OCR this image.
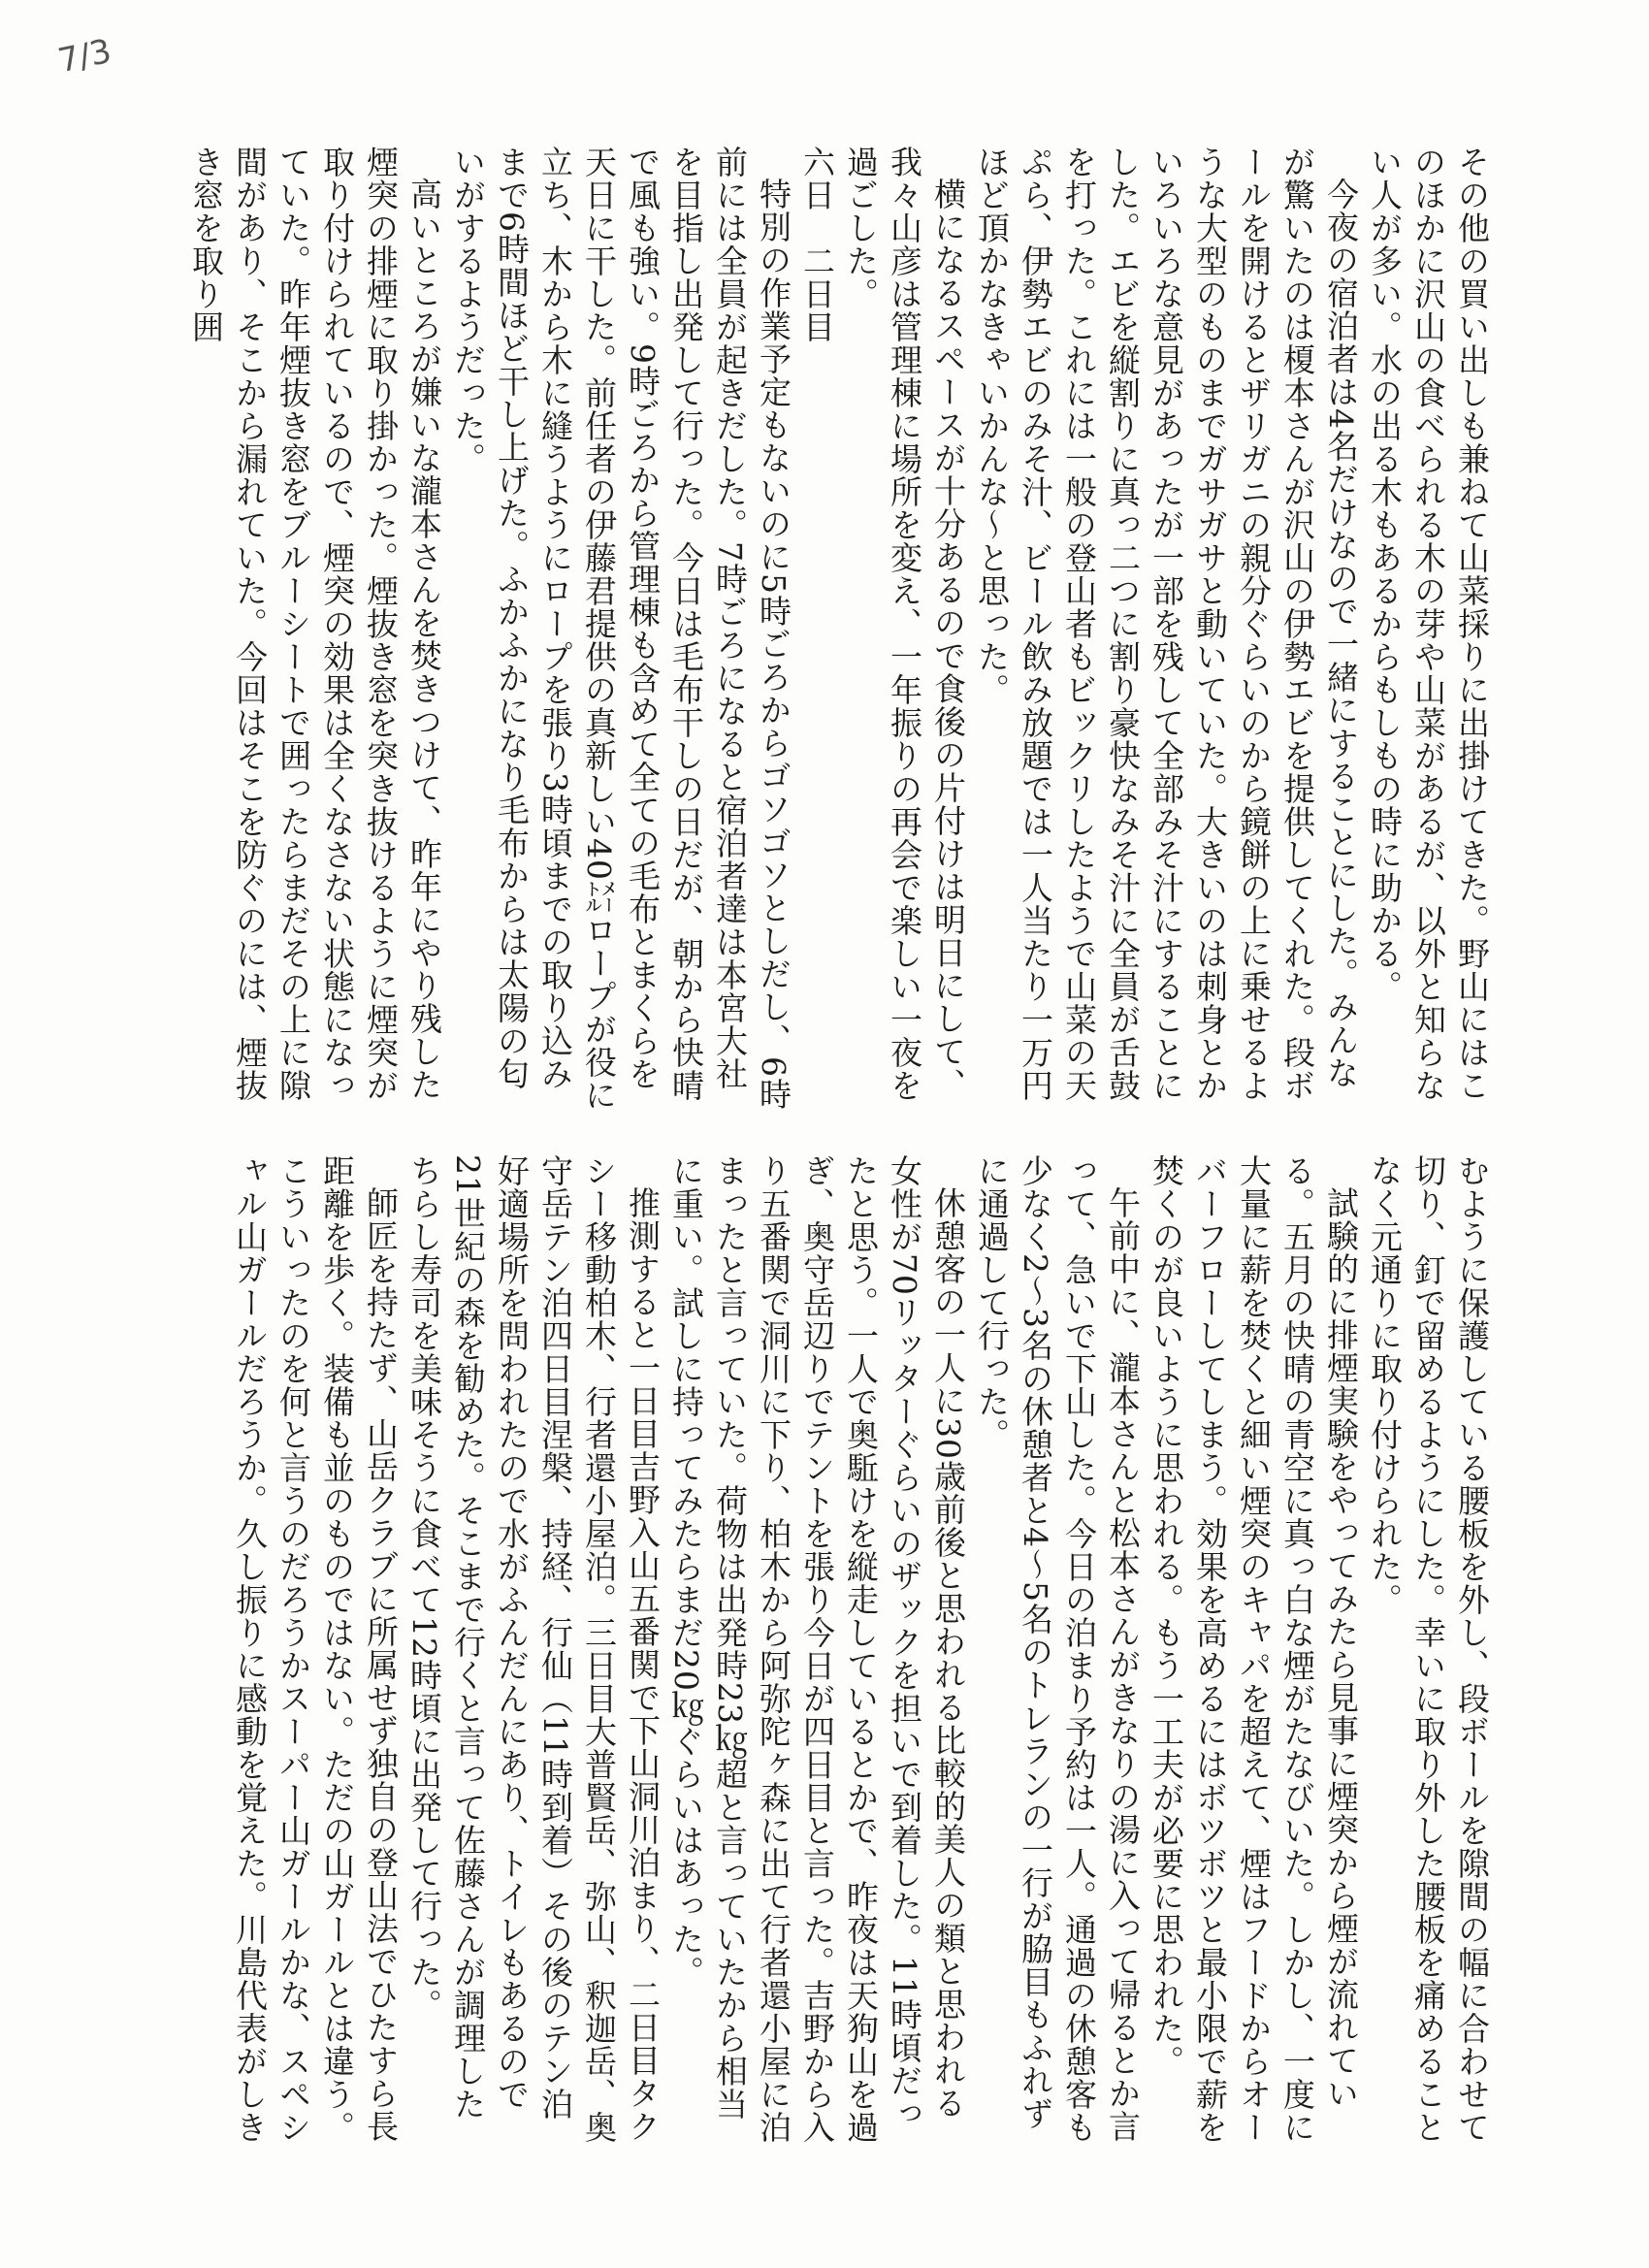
7/3

その他の買い出しも兼ねて山菜採りに出掛けてきた。野山にはこのほかに沢山の食べられる木の芽や山菜があるが、以外と知らない人が多い。水の出る木もあるからもしもの時に助かる。

今夜の宿泊者は4名だけなので一緒にすることにした。みんなが驚いたのは榎本さんが沢山の伊勢エビを提供してくれた。段ボールを開けるとザリガニの親分ぐらいのから鏡餅の上に乗せるような大型のものまでガサガサと動いていた。大きいのは刺身とかいろいろな意見があったが一部を残して全部みそ汁にすることにした。エビを縦割りに真っ二つに割り豪快なみそ汁に全員が舌鼓を打った。これには一般の登山者もビックリしたようで山菜の天ぷら、伊勢エビのみそ汁、ビール飲み放題では一人当たり一万円ほど頂かなきゃいかんな〜と思った。

横になるスペースが十分あるので食後の片付けは明日にして、我々山彦は管理棟に場所を変え、一年振りの再会で楽しい一夜を過ごした。

六日　二日目

特別の作業予定もないのに5時ごろからゴソゴソとしだし、6時前には全員が起きだした。7時ごろになると宿泊者達は本宮大社を目指し出発して行った。今日は毛布干しの日だが、朝から快晴で風も強い。9時ごろから管理棟も含めて全ての毛布とまくらを天日に干した。前任者の伊藤君提供の真新しい40㍍ロープが役に立ち、木から木に縫うようにロープを張り3時頃までの取り込みまで6時間ほど干し上げた。ふかふかになり毛布からは太陽の匂いがするようだった。

高いところが嫌いな瀧本さんを焚きつけて、昨年にやり残した煙突の排煙に取り掛かった。煙抜き窓を突き抜けるように煙突が取り付けられているので、煙突の効果は全くなさない状態になっていた。昨年煙抜き窓をブルーシートで囲ったらまだその上に隙間があり、そこから漏れていた。今回はそこを防ぐのには、煙抜き窓を取り囲

むように保護している腰板を外し、段ボールを隙間の幅に合わせて切り、釘で留めるようにした。幸いに取り外した腰板を痛めることなく元通りに取り付けられた。

試験的に排煙実験をやってみたら見事に煙突から煙が流れている。五月の快晴の青空に真っ白な煙がたなびいた。しかし、一度に大量に薪を焚くと細い煙突のキャパを超えて、煙はフードからオーバーフローしてしまう。効果を高めるにはボツボツと最小限で薪を焚くのが良いように思われる。もう一工夫が必要に思われた。

午前中に、瀧本さんと松本さんがきなりの湯に入って帰るとか言って、急いで下山した。今日の泊まり予約は一人。通過の休憩客も少なく2〜3名の休憩者と4〜5名のトレランの一行が脇目もふれずに通過して行った。

休憩客の一人に30歳前後と思われる比較的美人の類と思われる女性が70リッターぐらいのザックを担いで到着した。11時頃だったと思う。一人で奥駈けを縦走しているとかで、昨夜は天狗山を過ぎ、奥守岳辺りでテントを張り今日が四日目と言った。吉野から入り五番関で洞川に下り、柏木から阿弥陀ヶ森に出て行者還小屋に泊まったと言っていた。荷物は出発時23㎏超と言っていたから相当に重い。試しに持ってみたらまだ20㎏ぐらいはあった。

推測すると一日目吉野入山五番関で下山洞川泊まり、二日目タクシー移動柏木、行者還小屋泊。三日目大普賢岳、弥山、釈迦岳、奥守岳テン泊四日目涅槃、持経、行仙（11時到着）その後のテン泊好適場所を問われたので水がふんだんにあり、トイレもあるので21世紀の森を勧めた。そこまで行くと言って佐藤さんが調理したちらし寿司を美味そうに食べて12時頃に出発して行った。

師匠を持たず、山岳クラブに所属せず独自の登山法でひたすら長距離を歩く。装備も並のものではない。ただの山ガールとは違う。こういったのを何と言うのだろうかスーパー山ガールかな、スペシャル山ガールだろうか。久し振りに感動を覚えた。川島代表がしき
